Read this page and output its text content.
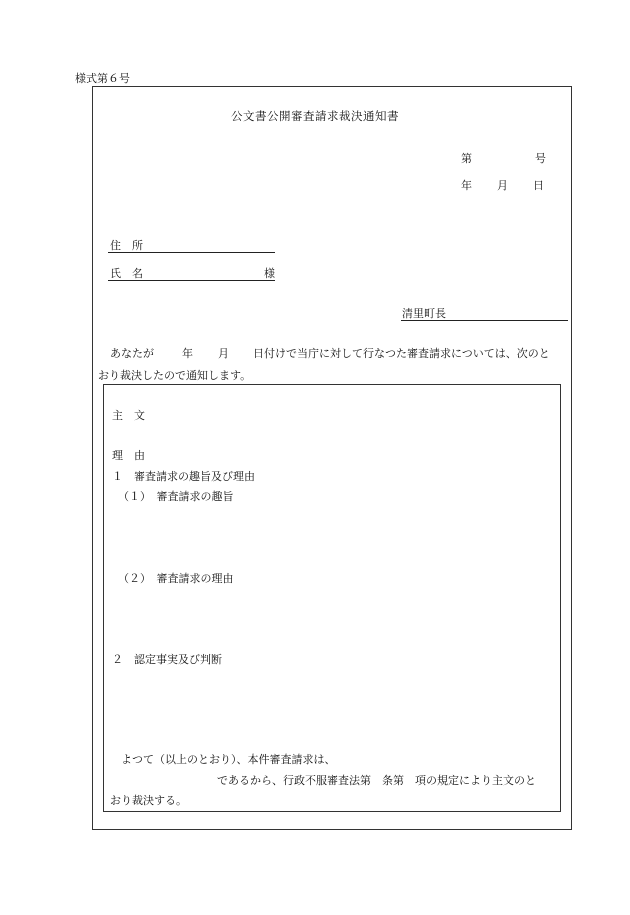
様式第６号
公文書公開審査請求裁決通知書
第	号
年 月 日
住　所
氏　名	様
清里町長
あなたが	年 月 日付けで当庁に対して行なつた審査請求については、次のと
おり裁決したので通知します。
主　文
理　由
１　審査請求の趣旨及び理由
（１）　審査請求の趣旨
（２）　審査請求の理由
２　認定事実及び判断
よつて（以上のとおり）、本件審査請求は、
であるから、行政不服審査法第　条第　項の規定により主文のと
おり裁決する。
